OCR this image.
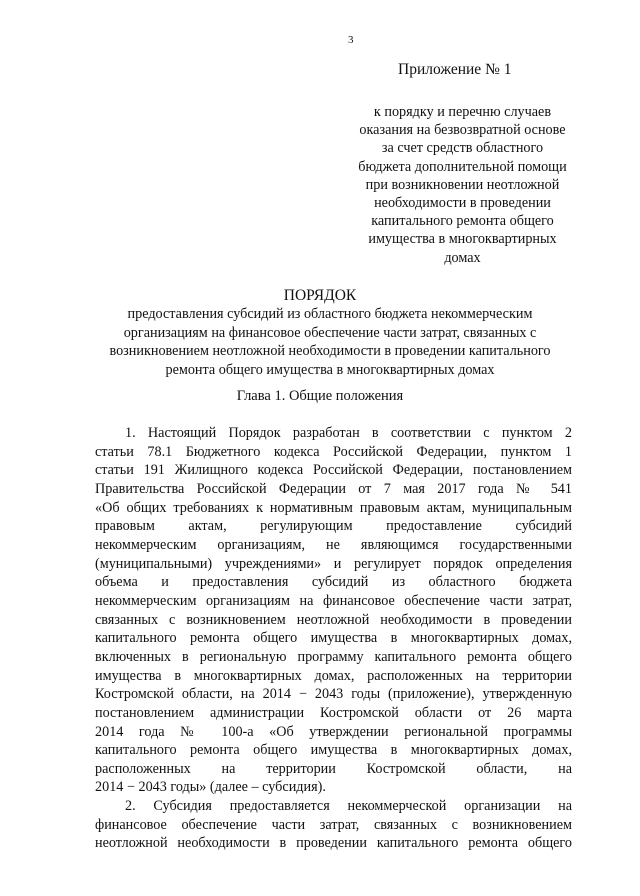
3
Приложение № 1
к порядку и перечню случаев
оказания на безвозвратной основе
за счет средств областного
бюджета дополнительной помощи
при возникновении неотложной
необходимости в проведении
капитального ремонта общего
имущества в многоквартирных
домах
ПОРЯДОК
предоставления субсидий из областного бюджета некоммерческим
организациям на финансовое обеспечение части затрат, связанных с
возникновением неотложной необходимости в проведении капитального
ремонта общего имущества в многоквартирных домах
Глава 1. Общие положения
1. Настоящий Порядок разработан в соответствии с пунктом 2
статьи 78.1 Бюджетного кодекса Российской Федерации, пунктом 1
статьи 191 Жилищного кодекса Российской Федерации, постановлением
Правительства Российской Федерации от 7 мая 2017 года № 541
«Об общих требованиях к нормативным правовым актам, муниципальным
правовым актам, регулирующим предоставление субсидий
некоммерческим организациям, не являющимся государственными
(муниципальными) учреждениями» и регулирует порядок определения
объема и предоставления субсидий из областного бюджета
некоммерческим организациям на финансовое обеспечение части затрат,
связанных с возникновением неотложной необходимости в проведении
капитального ремонта общего имущества в многоквартирных домах,
включенных в региональную программу капитального ремонта общего
имущества в многоквартирных домах, расположенных на территории
Костромской области, на 2014 − 2043 годы (приложение), утвержденную
постановлением администрации Костромской области от 26 марта
2014 года № 100-а «Об утверждении региональной программы
капитального ремонта общего имущества в многоквартирных домах,
расположенных на территории Костромской области, на
2014 − 2043 годы» (далее – субсидия).
2. Субсидия предоставляется некоммерческой организации на
финансовое обеспечение части затрат, связанных с возникновением
неотложной необходимости в проведении капитального ремонта общего
